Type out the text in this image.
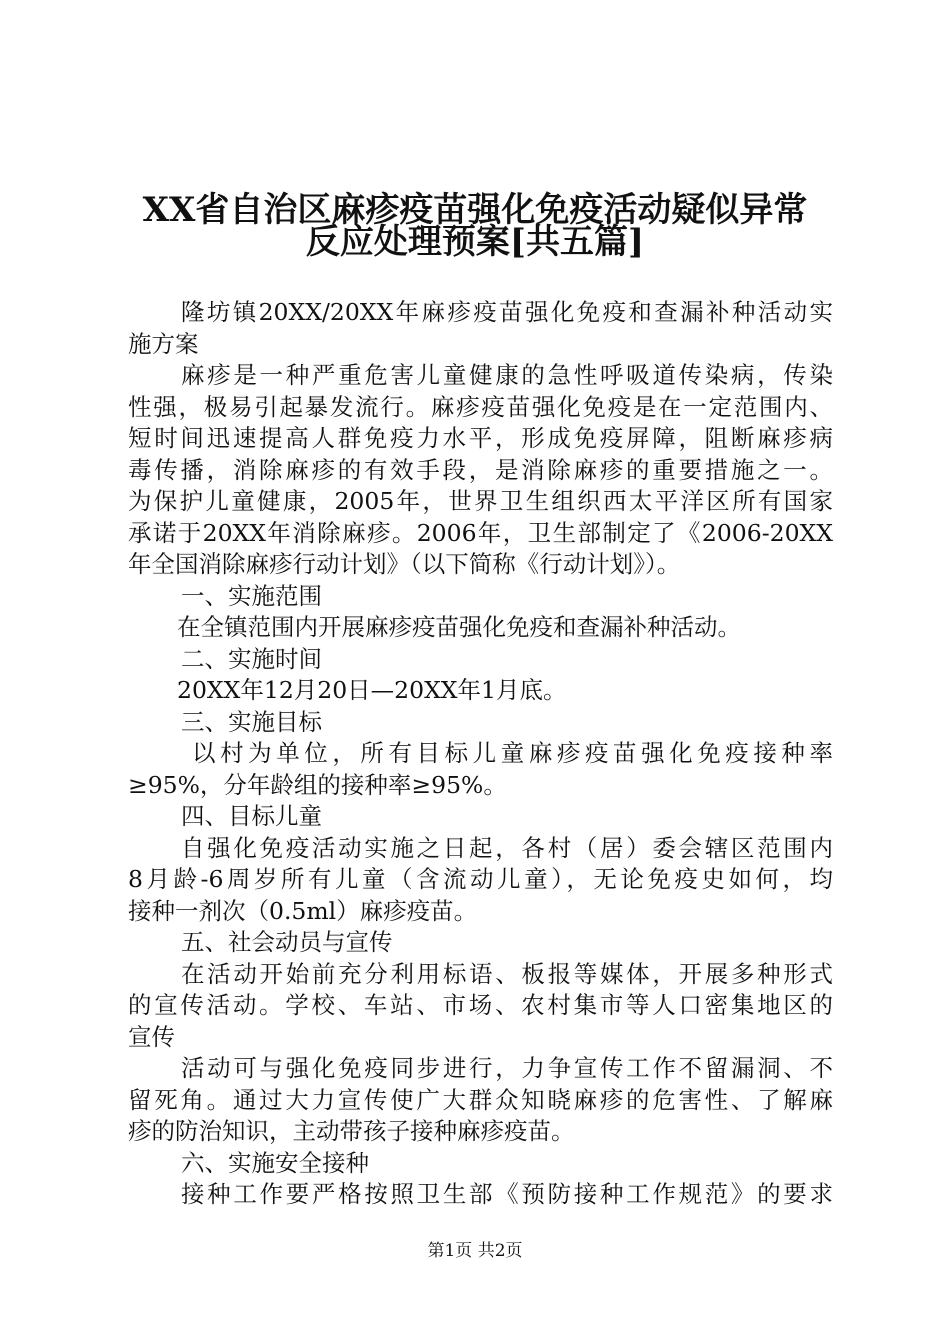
XX省自治区麻疹疫苗强化免疫活动疑似异常
反应处理预案[共五篇]
隆坊镇20XX/20XX年麻疹疫苗强化免疫和查漏补种活动实
施方案
麻疹是一种严重危害儿童健康的急性呼吸道传染病，传染
性强，极易引起暴发流行。麻疹疫苗强化免疫是在一定范围内、
短时间迅速提高人群免疫力水平，形成免疫屏障，阻断麻疹病
毒传播，消除麻疹的有效手段，是消除麻疹的重要措施之一。
为保护儿童健康，2005年，世界卫生组织西太平洋区所有国家
承诺于20XX年消除麻疹。2006年，卫生部制定了《2006-20XX
年全国消除麻疹行动计划》（以下简称《行动计划》）。
一、实施范围
在全镇范围内开展麻疹疫苗强化免疫和查漏补种活动。
二、实施时间
20XX年12月20日—20XX年1月底。
三、实施目标
以村为单位，所有目标儿童麻疹疫苗强化免疫接种率
≥95%，分年龄组的接种率≥95%。
四、目标儿童
自强化免疫活动实施之日起，各村（居）委会辖区范围内
8月龄-6周岁所有儿童（含流动儿童），无论免疫史如何，均
接种一剂次（0.5ml）麻疹疫苗。
五、社会动员与宣传
在活动开始前充分利用标语、板报等媒体，开展多种形式
的宣传活动。学校、车站、市场、农村集市等人口密集地区的
宣传
活动可与强化免疫同步进行，力争宣传工作不留漏洞、不
留死角。通过大力宣传使广大群众知晓麻疹的危害性、了解麻
疹的防治知识，主动带孩子接种麻疹疫苗。
六、实施安全接种
接种工作要严格按照卫生部《预防接种工作规范》的要求
第1页 共2页
